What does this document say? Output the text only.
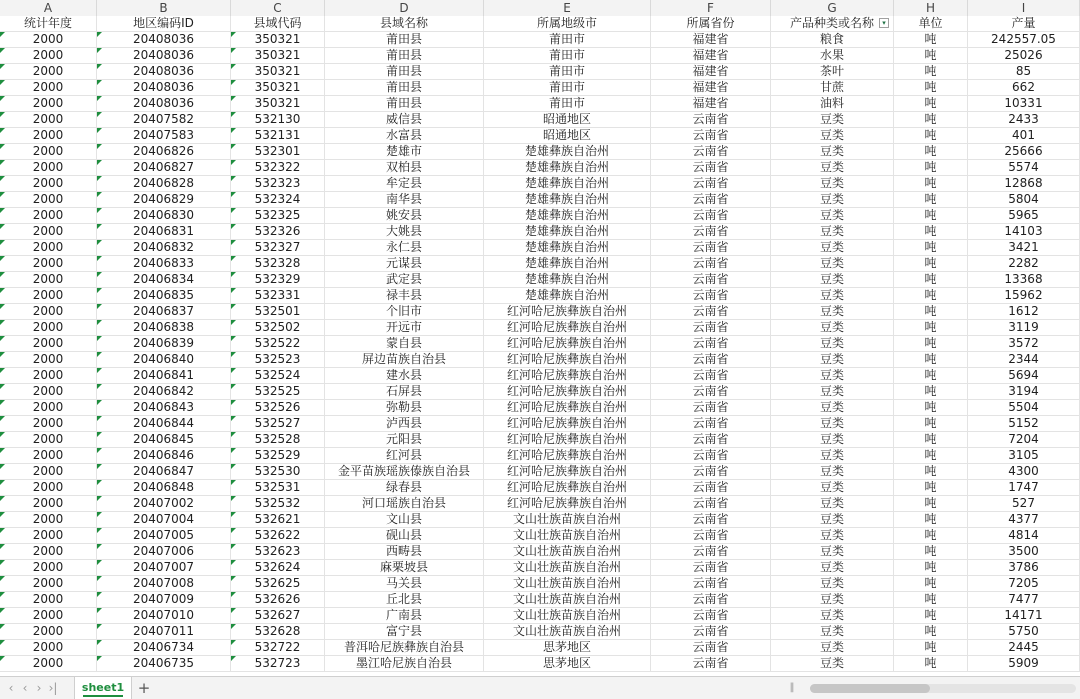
A	B	C	D	E	F	G	H	I
统计年度	地区编码ID	县域代码	县域名称	所属地级市	所属省份	产品种类或名称	▾	单位	产量
2000	20408036	350321	莆田县	莆田市	福建省	粮食	吨	242557.05
2000	20408036	350321	莆田县	莆田市	福建省	水果	吨	25026
2000	20408036	350321	莆田县	莆田市	福建省	茶叶	吨	85
2000	20408036	350321	莆田县	莆田市	福建省	甘蔗	吨	662
2000	20408036	350321	莆田县	莆田市	福建省	油料	吨	10331
2000	20407582	532130	威信县	昭通地区	云南省	豆类	吨	2433
2000	20407583	532131	水富县	昭通地区	云南省	豆类	吨	401
2000	20406826	532301	楚雄市	楚雄彝族自治州	云南省	豆类	吨	25666
2000	20406827	532322	双柏县	楚雄彝族自治州	云南省	豆类	吨	5574
2000	20406828	532323	牟定县	楚雄彝族自治州	云南省	豆类	吨	12868
2000	20406829	532324	南华县	楚雄彝族自治州	云南省	豆类	吨	5804
2000	20406830	532325	姚安县	楚雄彝族自治州	云南省	豆类	吨	5965
2000	20406831	532326	大姚县	楚雄彝族自治州	云南省	豆类	吨	14103
2000	20406832	532327	永仁县	楚雄彝族自治州	云南省	豆类	吨	3421
2000	20406833	532328	元谋县	楚雄彝族自治州	云南省	豆类	吨	2282
2000	20406834	532329	武定县	楚雄彝族自治州	云南省	豆类	吨	13368
2000	20406835	532331	禄丰县	楚雄彝族自治州	云南省	豆类	吨	15962
2000	20406837	532501	个旧市	红河哈尼族彝族自治州	云南省	豆类	吨	1612
2000	20406838	532502	开远市	红河哈尼族彝族自治州	云南省	豆类	吨	3119
2000	20406839	532522	蒙自县	红河哈尼族彝族自治州	云南省	豆类	吨	3572
2000	20406840	532523	屏边苗族自治县	红河哈尼族彝族自治州	云南省	豆类	吨	2344
2000	20406841	532524	建水县	红河哈尼族彝族自治州	云南省	豆类	吨	5694
2000	20406842	532525	石屏县	红河哈尼族彝族自治州	云南省	豆类	吨	3194
2000	20406843	532526	弥勒县	红河哈尼族彝族自治州	云南省	豆类	吨	5504
2000	20406844	532527	泸西县	红河哈尼族彝族自治州	云南省	豆类	吨	5152
2000	20406845	532528	元阳县	红河哈尼族彝族自治州	云南省	豆类	吨	7204
2000	20406846	532529	红河县	红河哈尼族彝族自治州	云南省	豆类	吨	3105
2000	20406847	532530	金平苗族瑶族傣族自治县	红河哈尼族彝族自治州	云南省	豆类	吨	4300
2000	20406848	532531	绿春县	红河哈尼族彝族自治州	云南省	豆类	吨	1747
2000	20407002	532532	河口瑶族自治县	红河哈尼族彝族自治州	云南省	豆类	吨	527
2000	20407004	532621	文山县	文山壮族苗族自治州	云南省	豆类	吨	4377
2000	20407005	532622	砚山县	文山壮族苗族自治州	云南省	豆类	吨	4814
2000	20407006	532623	西畴县	文山壮族苗族自治州	云南省	豆类	吨	3500
2000	20407007	532624	麻栗坡县	文山壮族苗族自治州	云南省	豆类	吨	3786
2000	20407008	532625	马关县	文山壮族苗族自治州	云南省	豆类	吨	7205
2000	20407009	532626	丘北县	文山壮族苗族自治州	云南省	豆类	吨	7477
2000	20407010	532627	广南县	文山壮族苗族自治州	云南省	豆类	吨	14171
2000	20407011	532628	富宁县	文山壮族苗族自治州	云南省	豆类	吨	5750
2000	20406734	532722	普洱哈尼族彝族自治县	思茅地区	云南省	豆类	吨	2445
2000	20406735	532723	墨江哈尼族自治县	思茅地区	云南省	豆类	吨	5909
‹ ‹ › ›|	sheet1 +	‖
